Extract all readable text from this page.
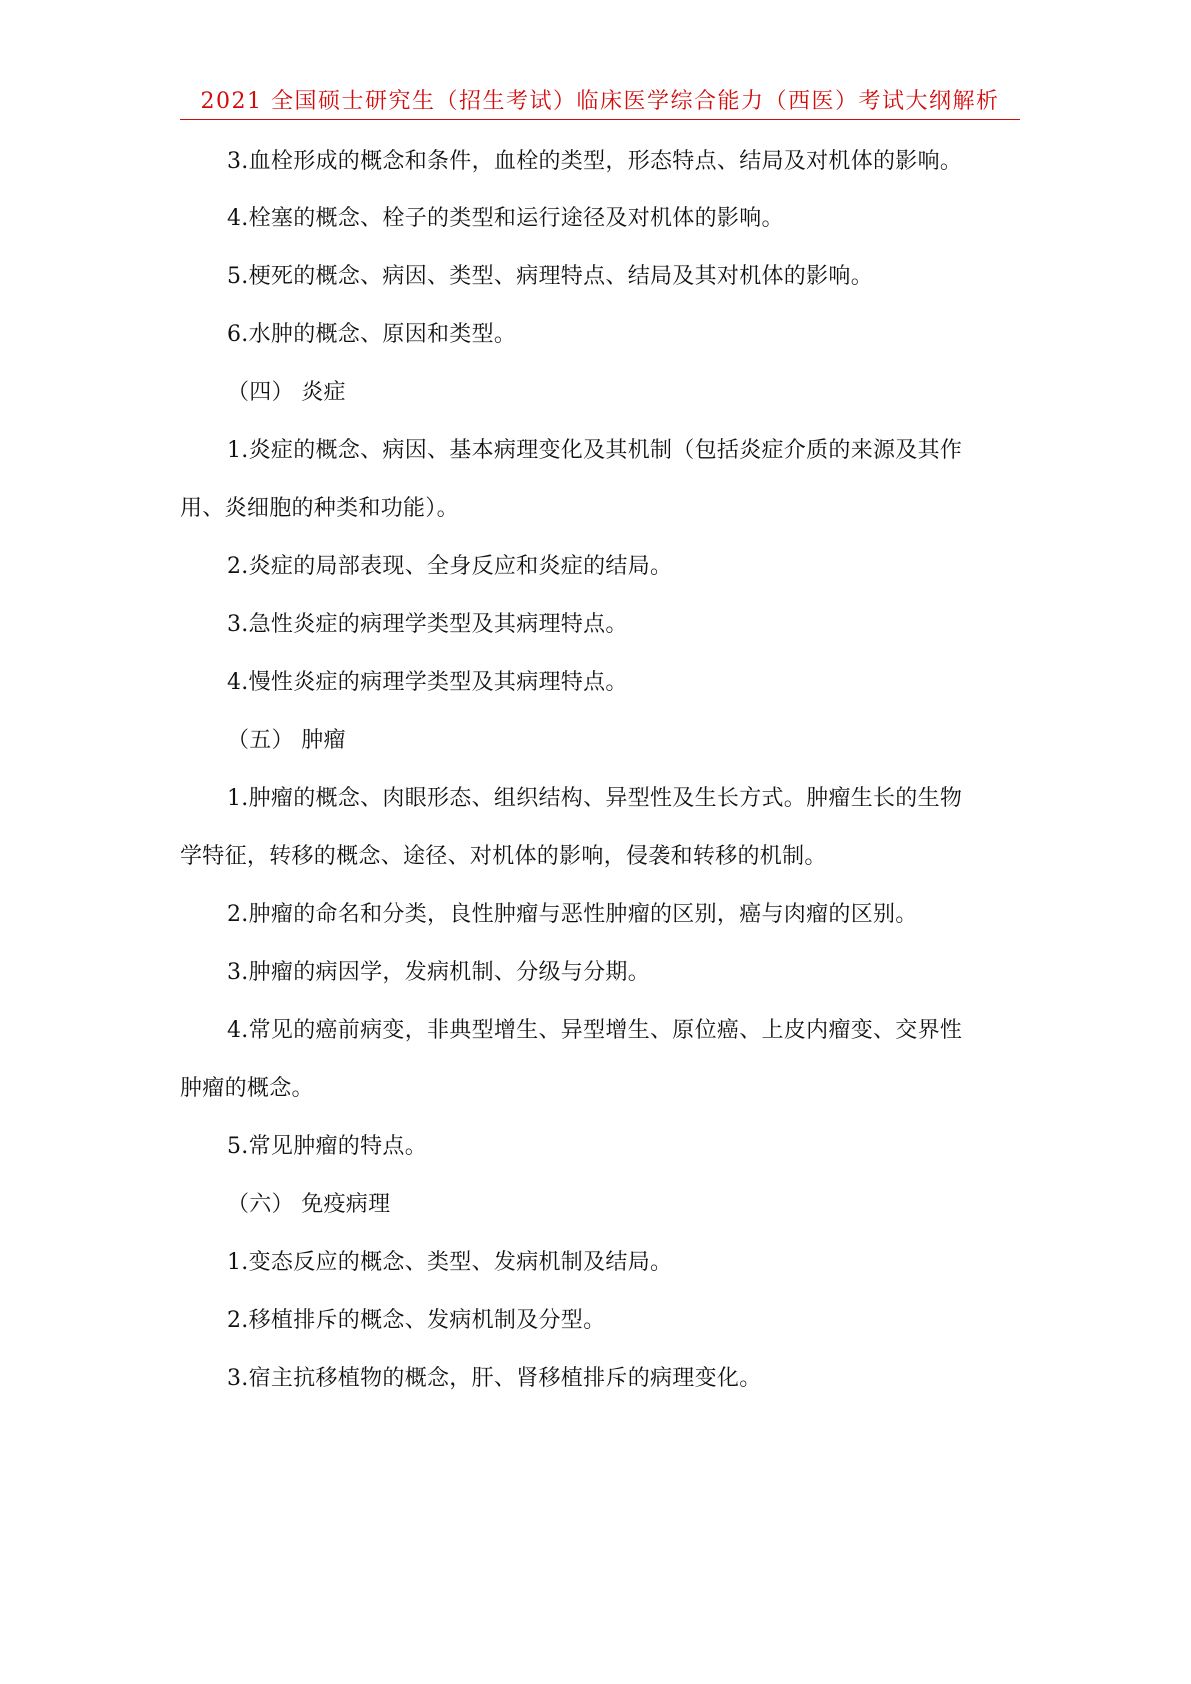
2021 全国硕士研究生（招生考试）临床医学综合能力（西医）考试大纲解析
3.血栓形成的概念和条件，血栓的类型，形态特点、结局及对机体的影响。
4.栓塞的概念、栓子的类型和运行途径及对机体的影响。
5.梗死的概念、病因、类型、病理特点、结局及其对机体的影响。
6.水肿的概念、原因和类型。
（四） 炎症
1.炎症的概念、病因、基本病理变化及其机制（包括炎症介质的来源及其作
用、炎细胞的种类和功能）。
2.炎症的局部表现、全身反应和炎症的结局。
3.急性炎症的病理学类型及其病理特点。
4.慢性炎症的病理学类型及其病理特点。
（五） 肿瘤
1.肿瘤的概念、肉眼形态、组织结构、异型性及生长方式。肿瘤生长的生物
学特征，转移的概念、途径、对机体的影响，侵袭和转移的机制。
2.肿瘤的命名和分类，良性肿瘤与恶性肿瘤的区别，癌与肉瘤的区别。
3.肿瘤的病因学，发病机制、分级与分期。
4.常见的癌前病变，非典型增生、异型增生、原位癌、上皮内瘤变、交界性
肿瘤的概念。
5.常见肿瘤的特点。
（六） 免疫病理
1.变态反应的概念、类型、发病机制及结局。
2.移植排斥的概念、发病机制及分型。
3.宿主抗移植物的概念，肝、肾移植排斥的病理变化。
